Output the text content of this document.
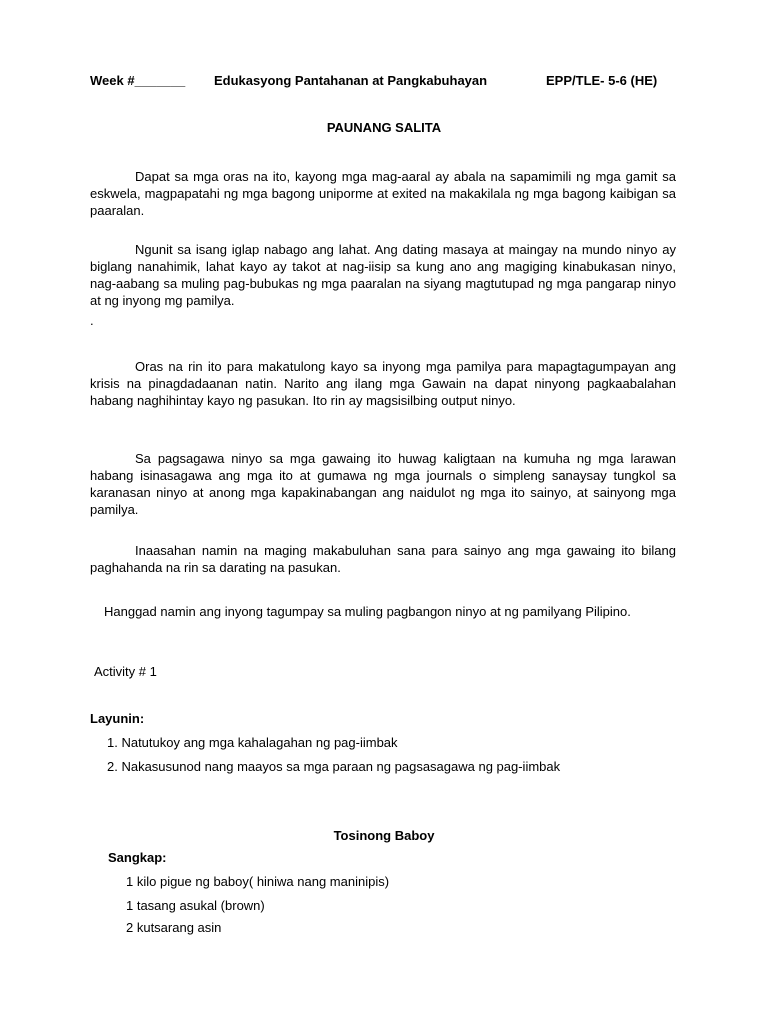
Week #_______ Edukasyong Pantahanan at Pangkabuhayan	EPP/TLE- 5-6 (HE)
PAUNANG SALITA
Dapat sa mga oras na ito, kayong mga mag-aaral ay abala na sapamimili ng mga gamit sa eskwela, magpapatahi ng mga bagong uniporme at exited na makakilala ng mga bagong kaibigan sa paaralan.
Ngunit sa isang iglap nabago ang lahat. Ang dating masaya at maingay na mundo ninyo ay biglang nanahimik, lahat kayo ay takot at nag-iisip sa kung ano ang magiging kinabukasan ninyo, nag-aabang sa muling pag-bubukas ng mga paaralan na siyang magtutupad ng mga pangarap ninyo at ng inyong mg pamilya.
.
Oras na rin ito para makatulong kayo sa inyong mga pamilya para mapagtagumpayan ang krisis na pinagdadaanan natin. Narito ang ilang mga Gawain na dapat ninyong pagkaabalahan habang naghihintay kayo ng pasukan. Ito rin ay magsisilbing output ninyo.
Sa pagsagawa ninyo sa mga gawaing ito huwag kaligtaan na kumuha ng mga larawan habang isinasagawa ang mga ito at gumawa ng mga journals o simpleng sanaysay tungkol sa karanasan ninyo at anong mga kapakinabangan ang naidulot ng mga ito sainyo, at sainyong mga pamilya.
Inaasahan namin na maging makabuluhan sana para sainyo ang mga gawaing ito bilang paghahanda na rin sa darating na pasukan.
Hanggad namin ang inyong tagumpay sa muling pagbangon ninyo at ng pamilyang Pilipino.
Activity # 1
Layunin:
1. Natutukoy ang mga kahalagahan ng pag-iimbak
2. Nakasusunod nang maayos sa mga paraan ng pagsasagawa ng pag-iimbak
Tosinong Baboy
Sangkap:
1 kilo pigue ng baboy( hiniwa nang maninipis)
1 tasang asukal (brown)
2 kutsarang asin
